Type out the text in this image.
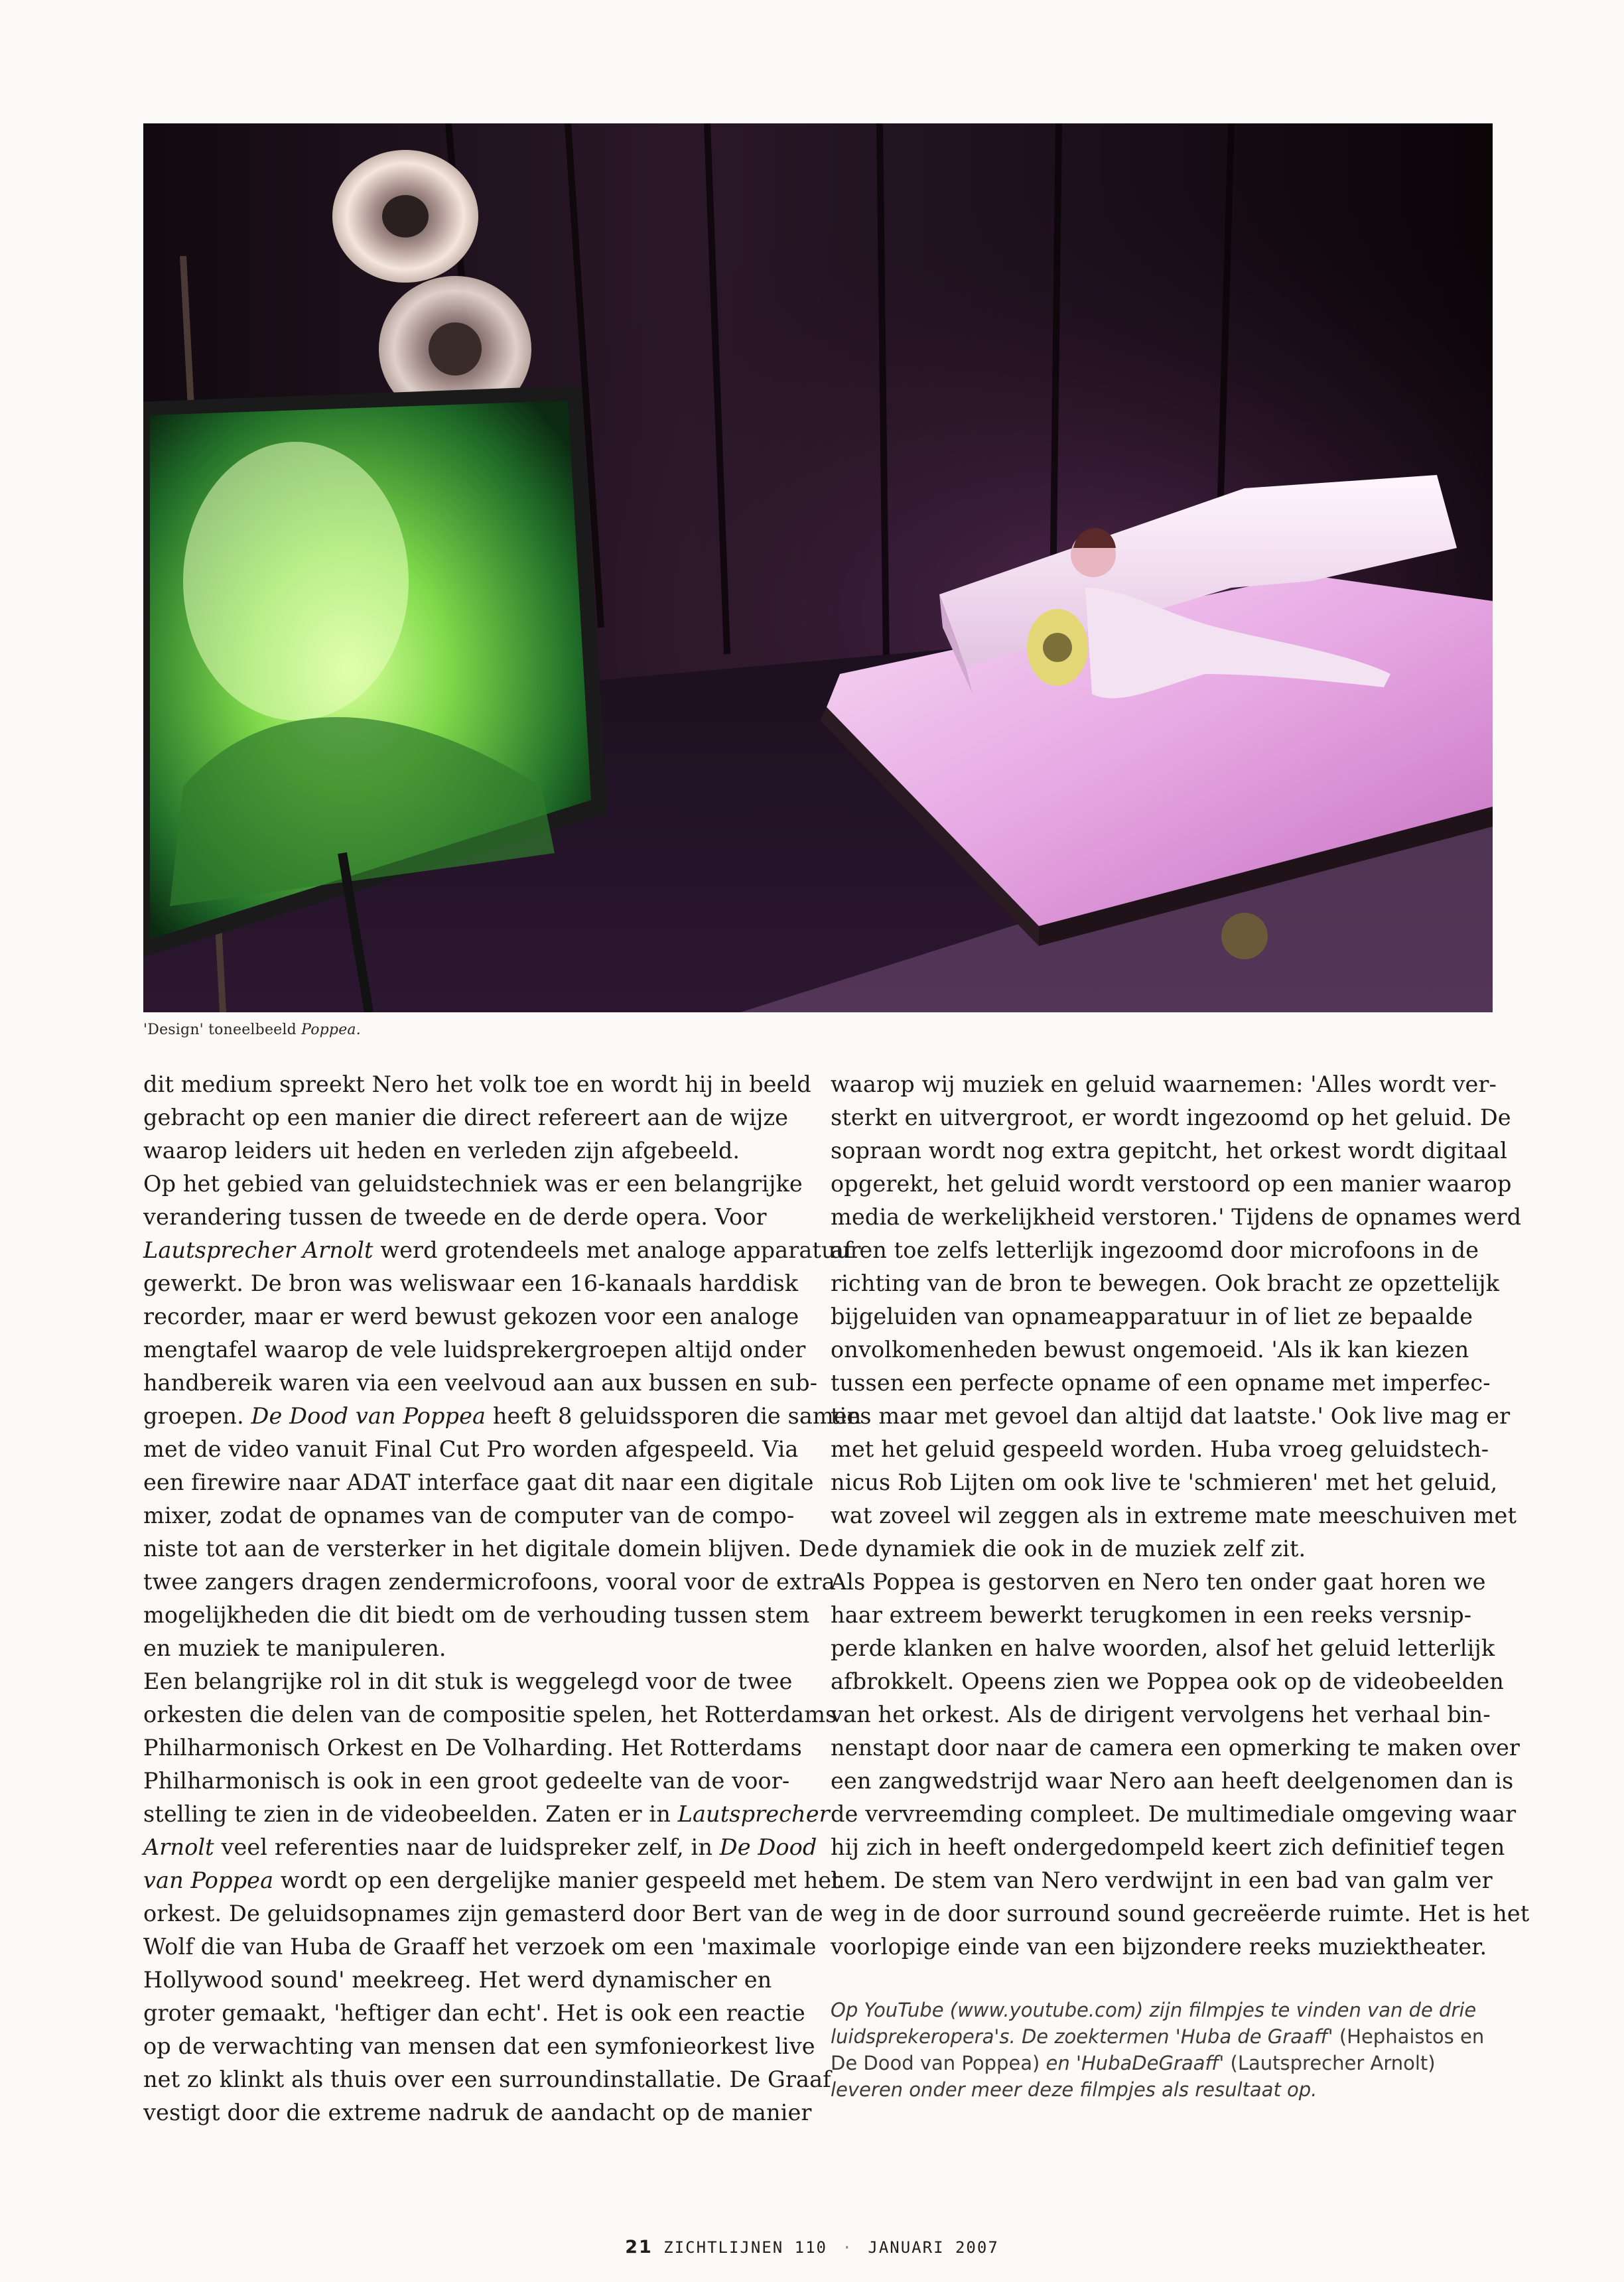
'Design' toneelbeeld Poppea.
dit medium spreekt Nero het volk toe en wordt hij in beeld
gebracht op een manier die direct refereert aan de wijze
waarop leiders uit heden en verleden zijn afgebeeld.
Op het gebied van geluidstechniek was er een belangrijke
verandering tussen de tweede en de derde opera. Voor
Lautsprecher Arnolt werd grotendeels met analoge apparatuur
gewerkt. De bron was weliswaar een 16-kanaals harddisk
recorder, maar er werd bewust gekozen voor een analoge
mengtafel waarop de vele luidsprekergroepen altijd onder
handbereik waren via een veelvoud aan aux bussen en sub-
groepen. De Dood van Poppea heeft 8 geluidssporen die samen
met de video vanuit Final Cut Pro worden afgespeeld. Via
een firewire naar ADAT interface gaat dit naar een digitale
mixer, zodat de opnames van de computer van de compo-
niste tot aan de versterker in het digitale domein blijven. De
twee zangers dragen zendermicrofoons, vooral voor de extra
mogelijkheden die dit biedt om de verhouding tussen stem
en muziek te manipuleren.
Een belangrijke rol in dit stuk is weggelegd voor de twee
orkesten die delen van de compositie spelen, het Rotterdams
Philharmonisch Orkest en De Volharding. Het Rotterdams
Philharmonisch is ook in een groot gedeelte van de voor-
stelling te zien in de videobeelden. Zaten er in Lautsprecher
Arnolt veel referenties naar de luidspreker zelf, in De Dood
van Poppea wordt op een dergelijke manier gespeeld met het
orkest. De geluidsopnames zijn gemasterd door Bert van de
Wolf die van Huba de Graaff het verzoek om een 'maximale
Hollywood sound' meekreeg. Het werd dynamischer en
groter gemaakt, 'heftiger dan echt'. Het is ook een reactie
op de verwachting van mensen dat een symfonieorkest live
net zo klinkt als thuis over een surroundinstallatie. De Graaf
vestigt door die extreme nadruk de aandacht op de manier
waarop wij muziek en geluid waarnemen: 'Alles wordt ver-
sterkt en uitvergroot, er wordt ingezoomd op het geluid. De
sopraan wordt nog extra gepitcht, het orkest wordt digitaal
opgerekt, het geluid wordt verstoord op een manier waarop
media de werkelijkheid verstoren.' Tijdens de opnames werd
af en toe zelfs letterlijk ingezoomd door microfoons in de
richting van de bron te bewegen. Ook bracht ze opzettelijk
bijgeluiden van opnameapparatuur in of liet ze bepaalde
onvolkomenheden bewust ongemoeid. 'Als ik kan kiezen
tussen een perfecte opname of een opname met imperfec-
ties maar met gevoel dan altijd dat laatste.' Ook live mag er
met het geluid gespeeld worden. Huba vroeg geluidstech-
nicus Rob Lijten om ook live te 'schmieren' met het geluid,
wat zoveel wil zeggen als in extreme mate meeschuiven met
de dynamiek die ook in de muziek zelf zit.
Als Poppea is gestorven en Nero ten onder gaat horen we
haar extreem bewerkt terugkomen in een reeks versnip-
perde klanken en halve woorden, alsof het geluid letterlijk
afbrokkelt. Opeens zien we Poppea ook op de videobeelden
van het orkest. Als de dirigent vervolgens het verhaal bin-
nenstapt door naar de camera een opmerking te maken over
een zangwedstrijd waar Nero aan heeft deelgenomen dan is
de vervreemding compleet. De multimediale omgeving waar
hij zich in heeft ondergedompeld keert zich definitief tegen
hem. De stem van Nero verdwijnt in een bad van galm ver
weg in de door surround sound gecreëerde ruimte. Het is het
voorlopige einde van een bijzondere reeks muziektheater.
Op YouTube (www.youtube.com) zijn filmpjes te vinden van de drie
luidsprekeropera's. De zoektermen 'Huba de Graaff' (Hephaistos en
De Dood van Poppea) en 'HubaDeGraaff' (Lautsprecher Arnolt)
leveren onder meer deze filmpjes als resultaat op.
21 ZICHTLIJNEN 110 · JANUARI 2007
